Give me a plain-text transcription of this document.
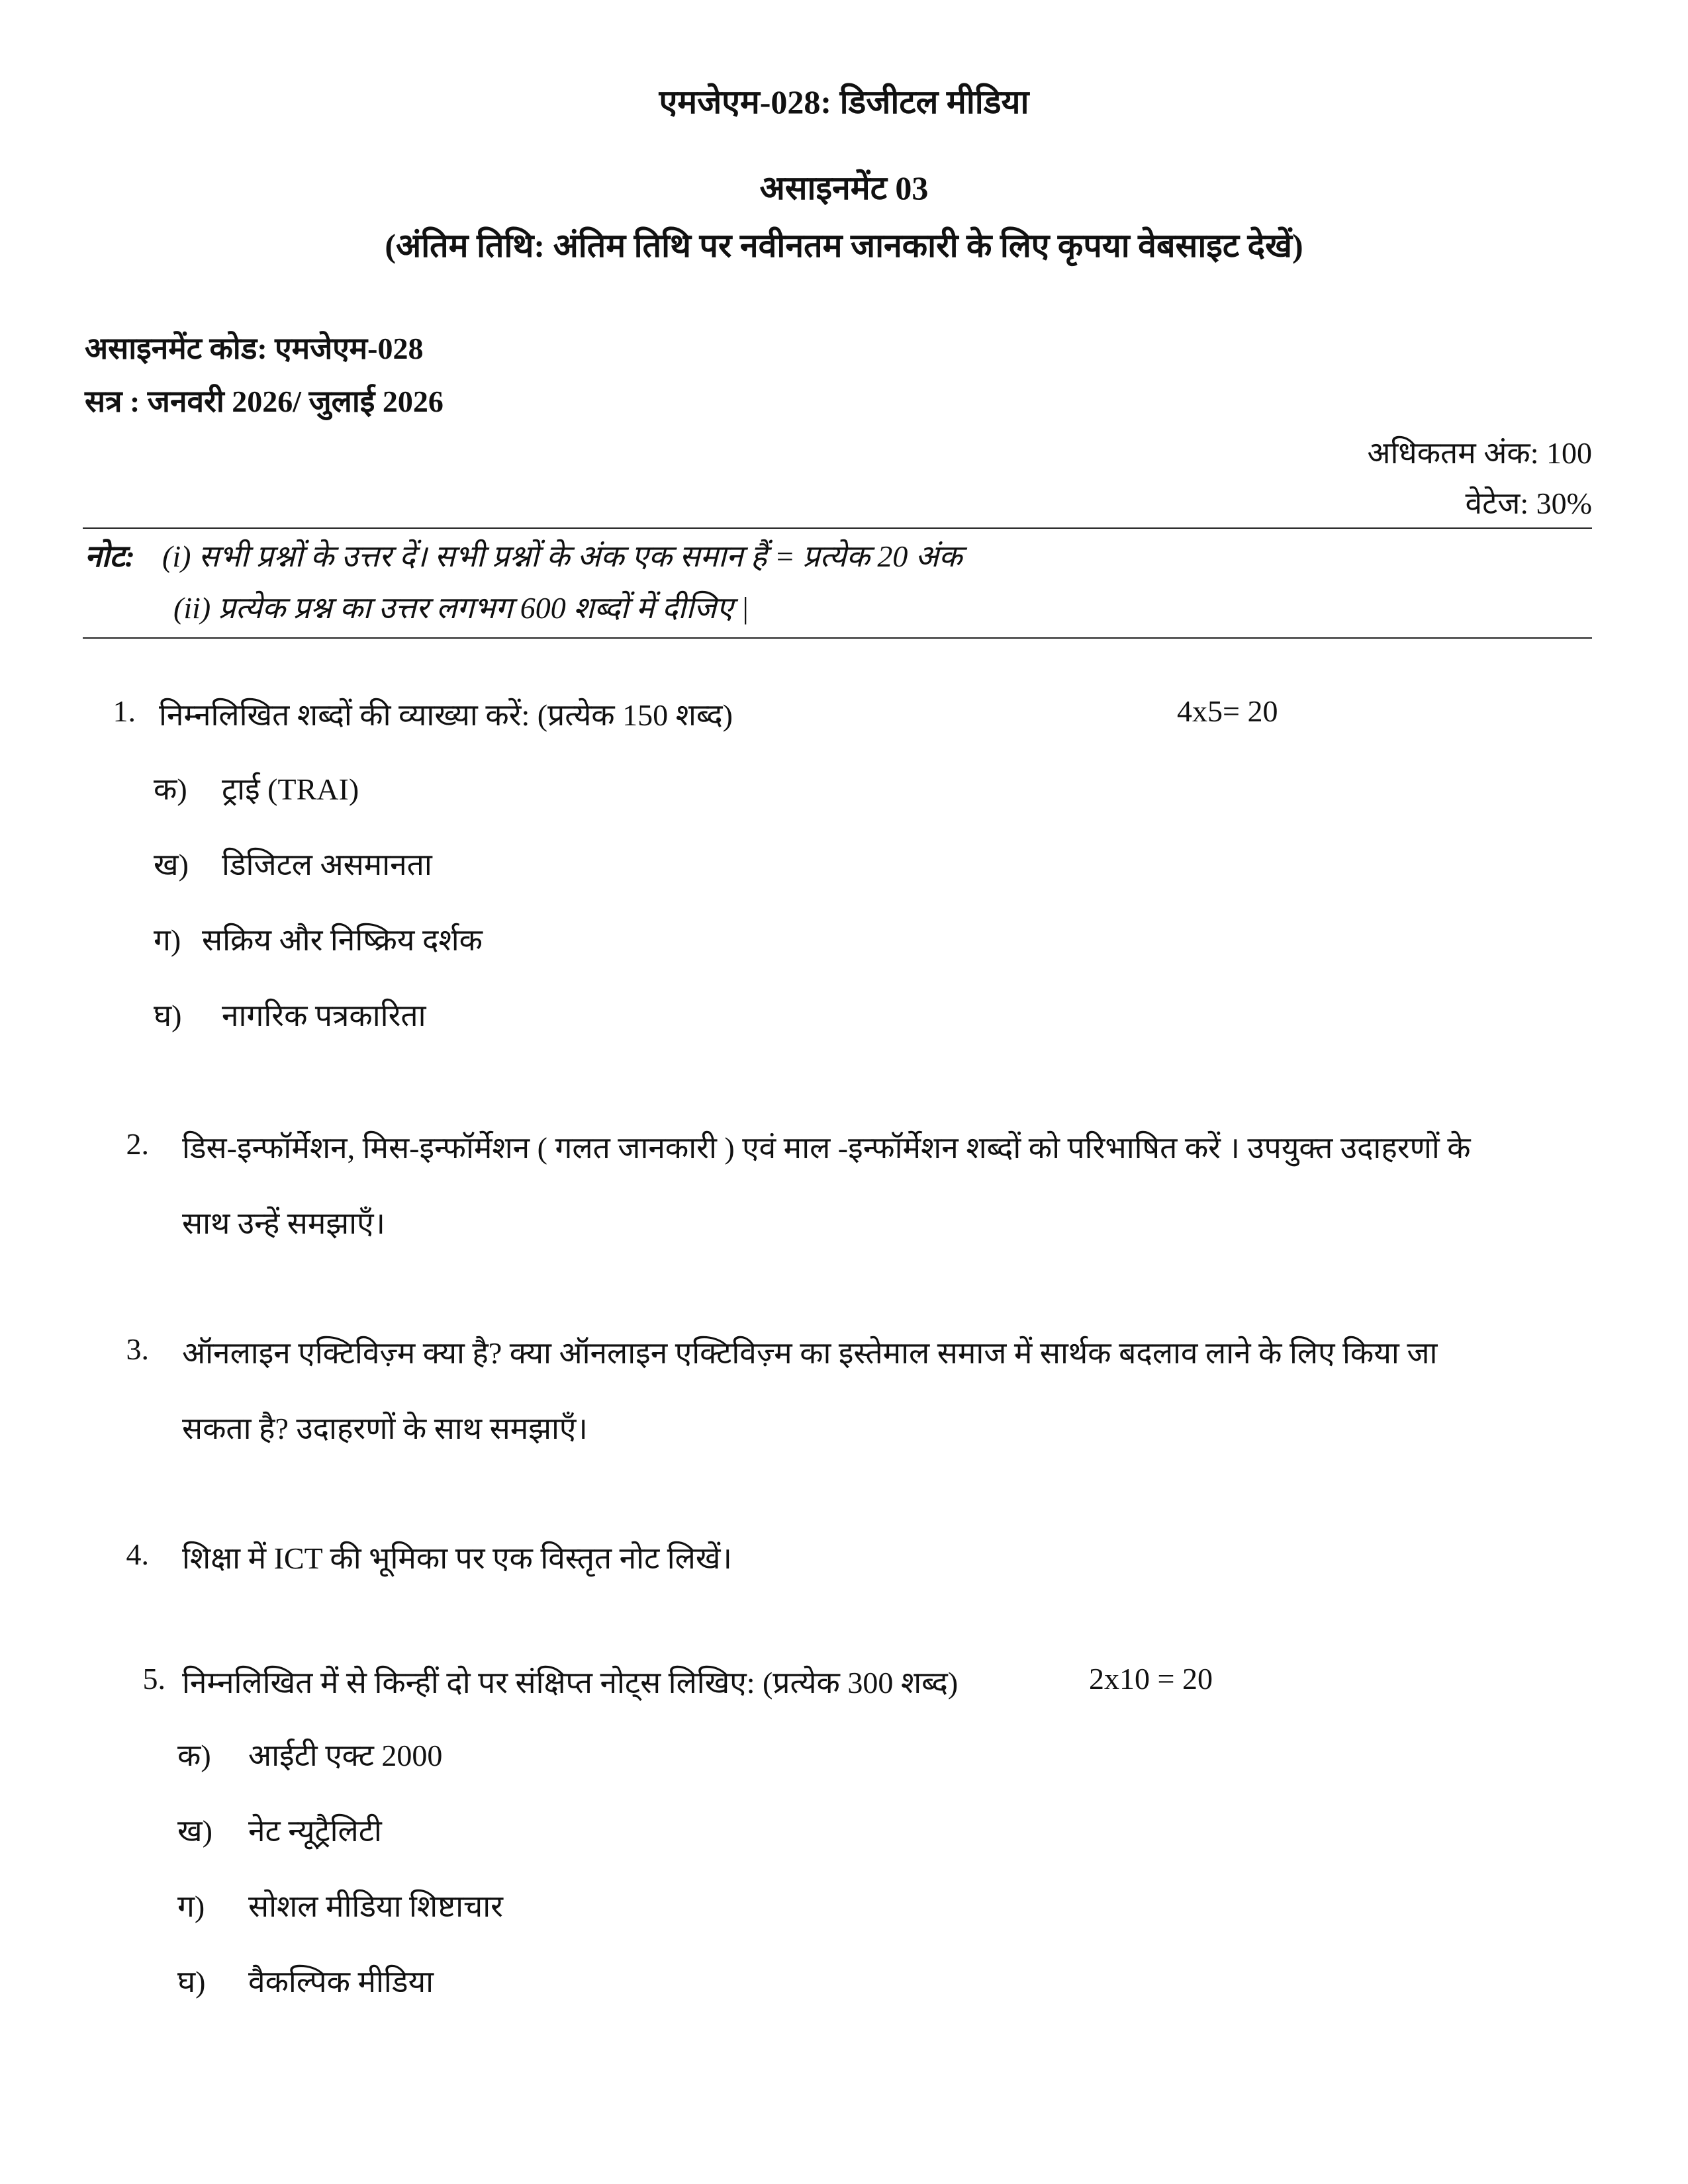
एमजेएम-028: डिजीटल मीडिया
असाइनमेंट 03
(अंतिम तिथि: अंतिम तिथि पर नवीनतम जानकारी के लिए कृपया वेबसाइट देखें)
असाइनमेंट कोड: एमजेएम-028
सत्र : जनवरी 2026/ जुलाई 2026
अधिकतम अंक: 100
वेटेज: 30%
नोट: (i) सभी प्रश्नों के उत्तर दें। सभी प्रश्नों के अंक एक समान हैं = प्रत्येक 20 अंक
(ii) प्रत्येक प्रश्न का उत्तर लगभग 600 शब्दों में दीजिए |
1. निम्नलिखित शब्दों की व्याख्या करें: (प्रत्येक 150 शब्द)	4x5= 20
क) ट्राई (TRAI)
ख) डिजिटल असमानता
ग) सक्रिय और निष्क्रिय दर्शक
घ) नागरिक पत्रकारिता
2. डिस-इन्फॉर्मेशन, मिस-इन्फॉर्मेशन ( गलत जानकारी ) एवं माल -इन्फॉर्मेशन शब्दों को परिभाषित करें । उपयुक्त उदाहरणों के
साथ उन्हें समझाएँ।
3. ऑनलाइन एक्टिविज़्म क्या है? क्या ऑनलाइन एक्टिविज़्म का इस्तेमाल समाज में सार्थक बदलाव लाने के लिए किया जा
सकता है? उदाहरणों के साथ समझाएँ।
4. शिक्षा में ICT की भूमिका पर एक विस्तृत नोट लिखें।
5. निम्नलिखित में से किन्हीं दो पर संक्षिप्त नोट्स लिखिए: (प्रत्येक 300 शब्द)	2x10 = 20
क) आईटी एक्ट 2000
ख) नेट न्यूट्रैलिटी
ग) सोशल मीडिया शिष्टाचार
घ) वैकल्पिक मीडिया
